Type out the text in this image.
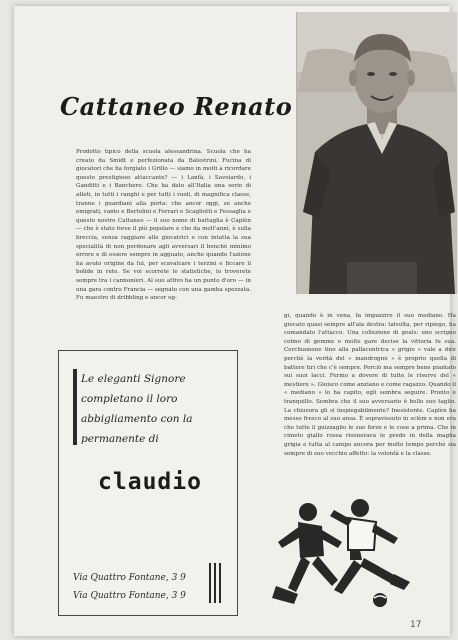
Cattaneo Renato
Prodotto tipico della scuola alessandrina. Scuola che ha creato da Smidt e perfezionata da Balestrini. Fucina di giocatori che ha forgiato i Grillo — siamo in molti a ricordare questo prestigioso attaccante? — i Lanfà, i Savoiardo, i Ganditti e i Banchero. Che ha dato all'Italia una serie di atleti, in tutti i ranghi e per tutti i ruoli, di magnifica classe, tranne i guardiani alla porta: che ancor oggi, se anche emigrati, vanto e Bertolini e Ferrari e Scagliotti e Fessaglia e questo nostro Cattaneo — il suo nome di battaglia è Caplèn — che è stato forse il più popolare e che da molt'anni, è sulla breccia, senza raggiare alle giocatrici e con intatta la sua specialità di non perdonare agli avversari il benchè minimo errore e di essere sempre in agguato, anche quando l'azione ha avuto origine da lui, per scavalcare i terzini e ficcare il bolide in rete. Se voi scorrete le statistiche, lo troverete sempre tra i cannonieri. Al suo attivo ha un punto d'oro — in una gara contro Francia — segnato con una gamba spezzata. Fu maestro di dribbling e ancor og-
gi, quando è in vena, fa impazzire il suo mediano. Ha giocato quasi sempre all'ala destra: talvolta, per ripiego, ha comandato l'attacco. Una collezione di goals: uno scrigno colmo di gemme e molte gare decise la vittoria fu sua. Cerchiamone tino alla pallacentrica « grigio » vale a dire perchè la verità del « mandrogno » è proprio quella di battere tiri che c'è sempre. Perciò ma sempre bene piantato sui suoi lacci. Fermo a dovere di tutte le riserve del « mestiere ». Gioisco come anziano e come ragazzo. Quando il « mediano » lo ha capito, egli sembra seguire. Pronto e tranquillo. Sembra che il suo avversario è bello suo taglio. La chiusura gli si inspiegabilmente? Inesistente. Caplèn ha messo fresco al suo ansa. È sopravissuto in sclèm e non era che tutte il guizzaglio le sue forze e le cose a prima. Che in cimeto giallo rossa risonerava le predo in della maglia grigia e tutta al campo ancora per molto tempo perchè sia sempre di suo vecchio affetto: la volontà e la classe.
Le eleganti Signore
completano il loro
abbigliamento con la
permanente di
claudio
Via Quattro Fontane, 3 9
Via Quattro Fontane, 3 9
17
